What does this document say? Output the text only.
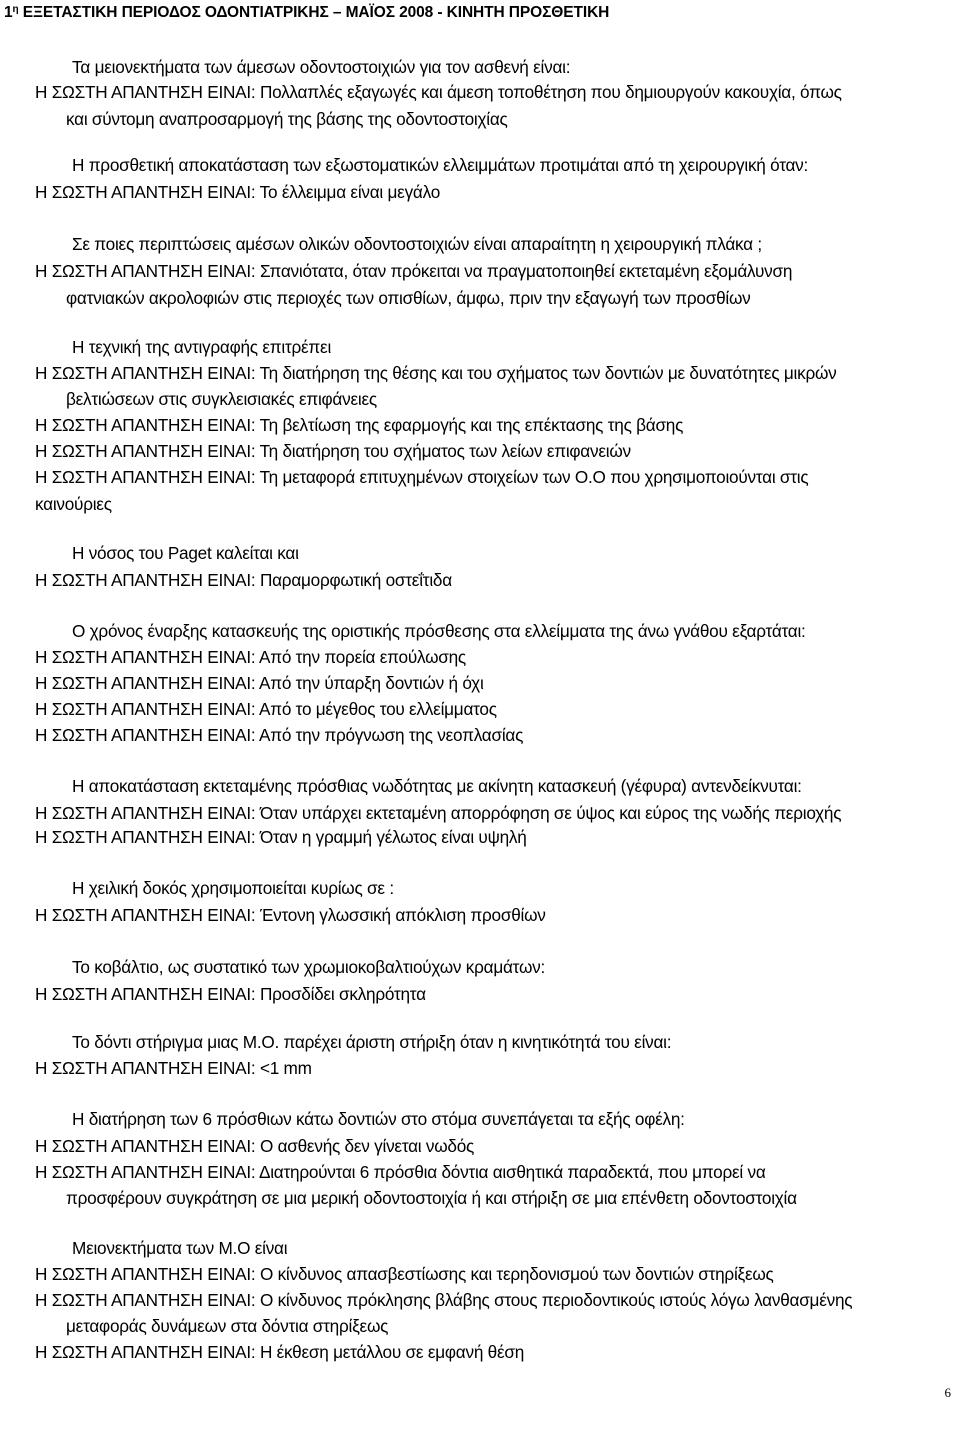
$1^\eta$ ΕΞΕΤΑΣΤΙΚΗ ΠΕΡΙΟΔΟΣ ΟΔΟΝΤΙΑΤΡΙΚΗΣ – ΜΑΪΟΣ 2008 - ΚΙΝΗΤΗ ΠΡΟΣΘΕΤΙΚΗ
Τα μειονεκτήματα των άμεσων οδοντοστοιχιών για τον ασθενή είναι:
Η ΣΩΣΤΗ ΑΠΑΝΤΗΣΗ ΕΙΝΑΙ: Πολλαπλές εξαγωγές και άμεση τοποθέτηση που δημιουργούν κακουχία, όπως
και σύντομη αναπροσαρμογή της βάσης της οδοντοστοιχίας
Η προσθετική αποκατάσταση των εξωστοματικών ελλειμμάτων προτιμάται από τη χειρουργική όταν:
Η ΣΩΣΤΗ ΑΠΑΝΤΗΣΗ ΕΙΝΑΙ: Το έλλειμμα είναι μεγάλο
Σε ποιες περιπτώσεις αμέσων ολικών οδοντοστοιχιών είναι απαραίτητη η χειρουργική πλάκα ;
Η ΣΩΣΤΗ ΑΠΑΝΤΗΣΗ ΕΙΝΑΙ: Σπανιότατα, όταν πρόκειται να πραγματοποιηθεί εκτεταμένη εξομάλυνση
φατνιακών ακρολοφιών στις περιοχές των οπισθίων, άμφω, πριν την εξαγωγή των προσθίων
Η τεχνική της αντιγραφής επιτρέπει
Η ΣΩΣΤΗ ΑΠΑΝΤΗΣΗ ΕΙΝΑΙ: Τη διατήρηση της θέσης και του σχήματος των δοντιών με δυνατότητες μικρών
βελτιώσεων στις συγκλεισιακές επιφάνειες
Η ΣΩΣΤΗ ΑΠΑΝΤΗΣΗ ΕΙΝΑΙ: Τη βελτίωση της εφαρμογής και της επέκτασης της βάσης
Η ΣΩΣΤΗ ΑΠΑΝΤΗΣΗ ΕΙΝΑΙ: Τη διατήρηση του σχήματος των λείων επιφανειών
Η ΣΩΣΤΗ ΑΠΑΝΤΗΣΗ ΕΙΝΑΙ: Τη μεταφορά επιτυχημένων στοιχείων των Ο.Ο που χρησιμοποιούνται στις
καινούριες
Η νόσος του Paget καλείται και
Η ΣΩΣΤΗ ΑΠΑΝΤΗΣΗ ΕΙΝΑΙ: Παραμορφωτική οστεΐτιδα
Ο χρόνος έναρξης κατασκευής της οριστικής πρόσθεσης στα ελλείμματα της άνω γνάθου εξαρτάται:
Η ΣΩΣΤΗ ΑΠΑΝΤΗΣΗ ΕΙΝΑΙ: Από την πορεία επούλωσης
Η ΣΩΣΤΗ ΑΠΑΝΤΗΣΗ ΕΙΝΑΙ: Από την ύπαρξη δοντιών ή όχι
Η ΣΩΣΤΗ ΑΠΑΝΤΗΣΗ ΕΙΝΑΙ: Από το μέγεθος του ελλείμματος
Η ΣΩΣΤΗ ΑΠΑΝΤΗΣΗ ΕΙΝΑΙ: Από την πρόγνωση της νεοπλασίας
Η αποκατάσταση εκτεταμένης πρόσθιας νωδότητας με ακίνητη κατασκευή (γέφυρα) αντενδείκνυται:
Η ΣΩΣΤΗ ΑΠΑΝΤΗΣΗ ΕΙΝΑΙ: Όταν υπάρχει εκτεταμένη απορρόφηση σε ύψος και εύρος της νωδής περιοχής
Η ΣΩΣΤΗ ΑΠΑΝΤΗΣΗ ΕΙΝΑΙ: Όταν η γραμμή γέλωτος είναι υψηλή
Η χειλική δοκός χρησιμοποιείται κυρίως σε :
Η ΣΩΣΤΗ ΑΠΑΝΤΗΣΗ ΕΙΝΑΙ: Έντονη γλωσσική απόκλιση προσθίων
Το κοβάλτιο, ως συστατικό των χρωμιοκοβαλτιούχων κραμάτων:
Η ΣΩΣΤΗ ΑΠΑΝΤΗΣΗ ΕΙΝΑΙ: Προσδίδει σκληρότητα
Το δόντι στήριγμα μιας Μ.Ο. παρέχει άριστη στήριξη όταν η κινητικότητά του είναι:
Η ΣΩΣΤΗ ΑΠΑΝΤΗΣΗ ΕΙΝΑΙ: <1 mm
Η διατήρηση των 6 πρόσθιων κάτω δοντιών στο στόμα συνεπάγεται τα εξής οφέλη:
Η ΣΩΣΤΗ ΑΠΑΝΤΗΣΗ ΕΙΝΑΙ: Ο ασθενής δεν γίνεται νωδός
Η ΣΩΣΤΗ ΑΠΑΝΤΗΣΗ ΕΙΝΑΙ: Διατηρούνται 6 πρόσθια δόντια αισθητικά παραδεκτά, που μπορεί να
προσφέρουν συγκράτηση σε μια μερική οδοντοστοιχία ή και στήριξη σε μια επένθετη οδοντοστοιχία
Μειονεκτήματα των Μ.Ο είναι
Η ΣΩΣΤΗ ΑΠΑΝΤΗΣΗ ΕΙΝΑΙ: Ο κίνδυνος απασβεστίωσης και τερηδονισμού των δοντιών στηρίξεως
Η ΣΩΣΤΗ ΑΠΑΝΤΗΣΗ ΕΙΝΑΙ: Ο κίνδυνος πρόκλησης βλάβης στους περιοδοντικούς ιστούς λόγω λανθασμένης
μεταφοράς δυνάμεων στα δόντια στηρίξεως
Η ΣΩΣΤΗ ΑΠΑΝΤΗΣΗ ΕΙΝΑΙ: Η έκθεση μετάλλου σε εμφανή θέση
6
